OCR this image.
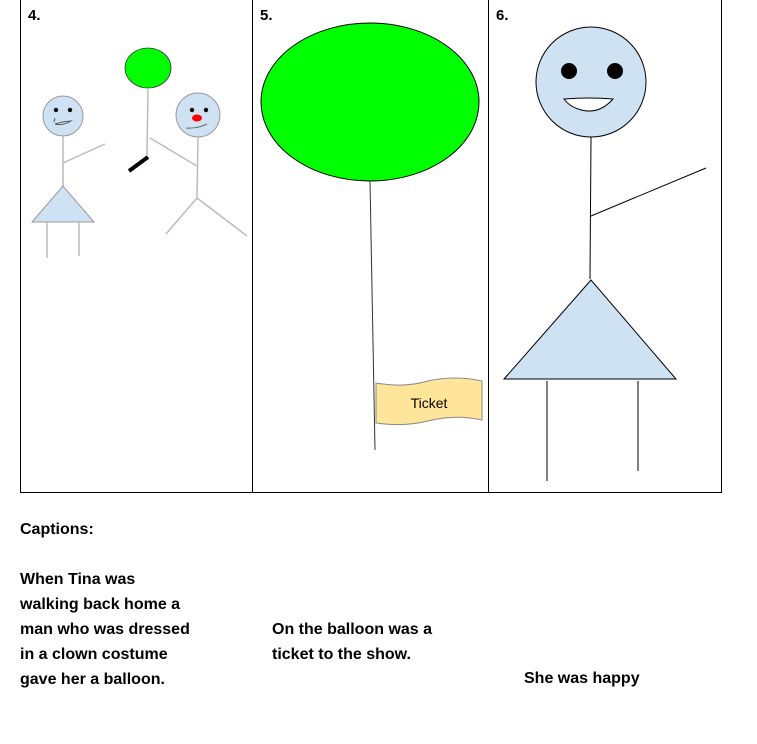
4.	5.
Ticket
6.
Captions:
When Tina was
walking back home a
man who was dressed
in a clown costume
gave her a balloon.
On the balloon was a
ticket to the show.
She was happy
